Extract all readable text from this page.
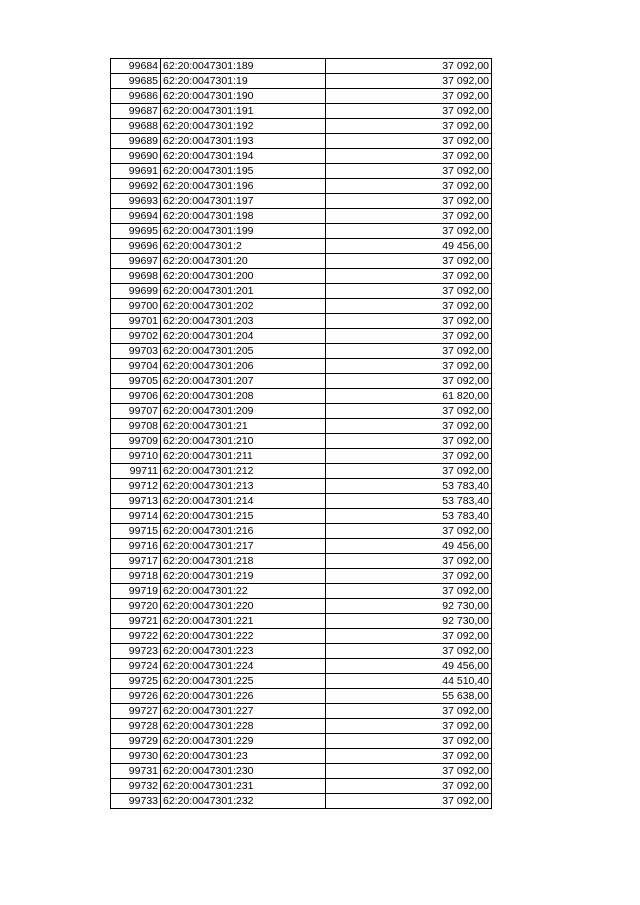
99684	62:20:0047301:189	37 092,00
99685	62:20:0047301:19	37 092,00
99686	62:20:0047301:190	37 092,00
99687	62:20:0047301:191	37 092,00
99688	62:20:0047301:192	37 092,00
99689	62:20:0047301:193	37 092,00
99690	62:20:0047301:194	37 092,00
99691	62:20:0047301:195	37 092,00
99692	62:20:0047301:196	37 092,00
99693	62:20:0047301:197	37 092,00
99694	62:20:0047301:198	37 092,00
99695	62:20:0047301:199	37 092,00
99696	62:20:0047301:2	49 456,00
99697	62:20:0047301:20	37 092,00
99698	62:20:0047301:200	37 092,00
99699	62:20:0047301:201	37 092,00
99700	62:20:0047301:202	37 092,00
99701	62:20:0047301:203	37 092,00
99702	62:20:0047301:204	37 092,00
99703	62:20:0047301:205	37 092,00
99704	62:20:0047301:206	37 092,00
99705	62:20:0047301:207	37 092,00
99706	62:20:0047301:208	61 820,00
99707	62:20:0047301:209	37 092,00
99708	62:20:0047301:21	37 092,00
99709	62:20:0047301:210	37 092,00
99710	62:20:0047301:211	37 092,00
99711	62:20:0047301:212	37 092,00
99712	62:20:0047301:213	53 783,40
99713	62:20:0047301:214	53 783,40
99714	62:20:0047301:215	53 783,40
99715	62:20:0047301:216	37 092,00
99716	62:20:0047301:217	49 456,00
99717	62:20:0047301:218	37 092,00
99718	62:20:0047301:219	37 092,00
99719	62:20:0047301:22	37 092,00
99720	62:20:0047301:220	92 730,00
99721	62:20:0047301:221	92 730,00
99722	62:20:0047301:222	37 092,00
99723	62:20:0047301:223	37 092,00
99724	62:20:0047301:224	49 456,00
99725	62:20:0047301:225	44 510,40
99726	62:20:0047301:226	55 638,00
99727	62:20:0047301:227	37 092,00
99728	62:20:0047301:228	37 092,00
99729	62:20:0047301:229	37 092,00
99730	62:20:0047301:23	37 092,00
99731	62:20:0047301:230	37 092,00
99732	62:20:0047301:231	37 092,00
99733	62:20:0047301:232	37 092,00
